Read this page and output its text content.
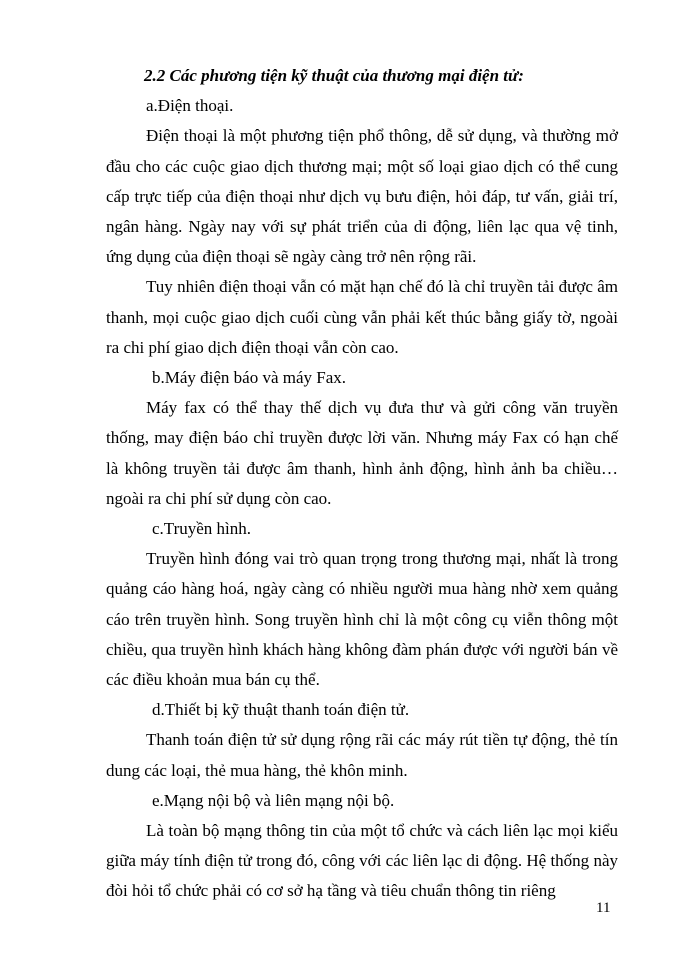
2.2 Các phương tiện kỹ thuật của thương mại điện tử:

a.Điện thoại.

Điện thoại là một phương tiện phổ thông, dễ sử dụng, và thường mở đầu cho các cuộc giao dịch thương mại; một số loại giao dịch có thể cung cấp trực tiếp của điện thoại như dịch vụ bưu điện, hỏi đáp, tư vấn, giải trí, ngân hàng. Ngày nay với sự phát triển của di động, liên lạc qua vệ tinh, ứng dụng của điện thoại sẽ ngày càng trở nên rộng rãi.

Tuy nhiên điện thoại vẫn có mặt hạn chế đó là chỉ truyền tải được âm thanh, mọi cuộc giao dịch cuối cùng vẫn phải kết thúc bằng giấy tờ, ngoài ra chi phí giao dịch điện thoại vẫn còn cao.

b.Máy điện báo và máy Fax.

Máy fax có thể thay thế dịch vụ đưa thư và gửi công văn truyền thống, may điện báo chỉ truyền được lời văn. Nhưng máy Fax có hạn chế là không truyền tải được âm thanh, hình ảnh động, hình ảnh ba chiều… ngoài ra chi phí sử dụng còn cao.

c.Truyền hình.

Truyền hình đóng vai trò quan trọng trong thương mại, nhất là trong quảng cáo hàng hoá, ngày càng có nhiều người mua hàng nhờ xem quảng cáo trên truyền hình. Song truyền hình chỉ là một công cụ viễn thông một chiều, qua truyền hình khách hàng không đàm phán được với người bán về các điều khoản mua bán cụ thể.

d.Thiết bị kỹ thuật thanh toán điện tử.

Thanh toán điện tử sử dụng rộng rãi các máy rút tiền tự động, thẻ tín dung các loại, thẻ mua hàng, thẻ khôn minh.

e.Mạng nội bộ và liên mạng nội bộ.

Là toàn bộ mạng thông tin của một tổ chức và cách liên lạc mọi kiểu giữa máy tính điện tử trong đó, công với các liên lạc di động. Hệ thống này đòi hỏi tổ chức phải có cơ sở hạ tầng và tiêu chuẩn thông tin riêng

11
